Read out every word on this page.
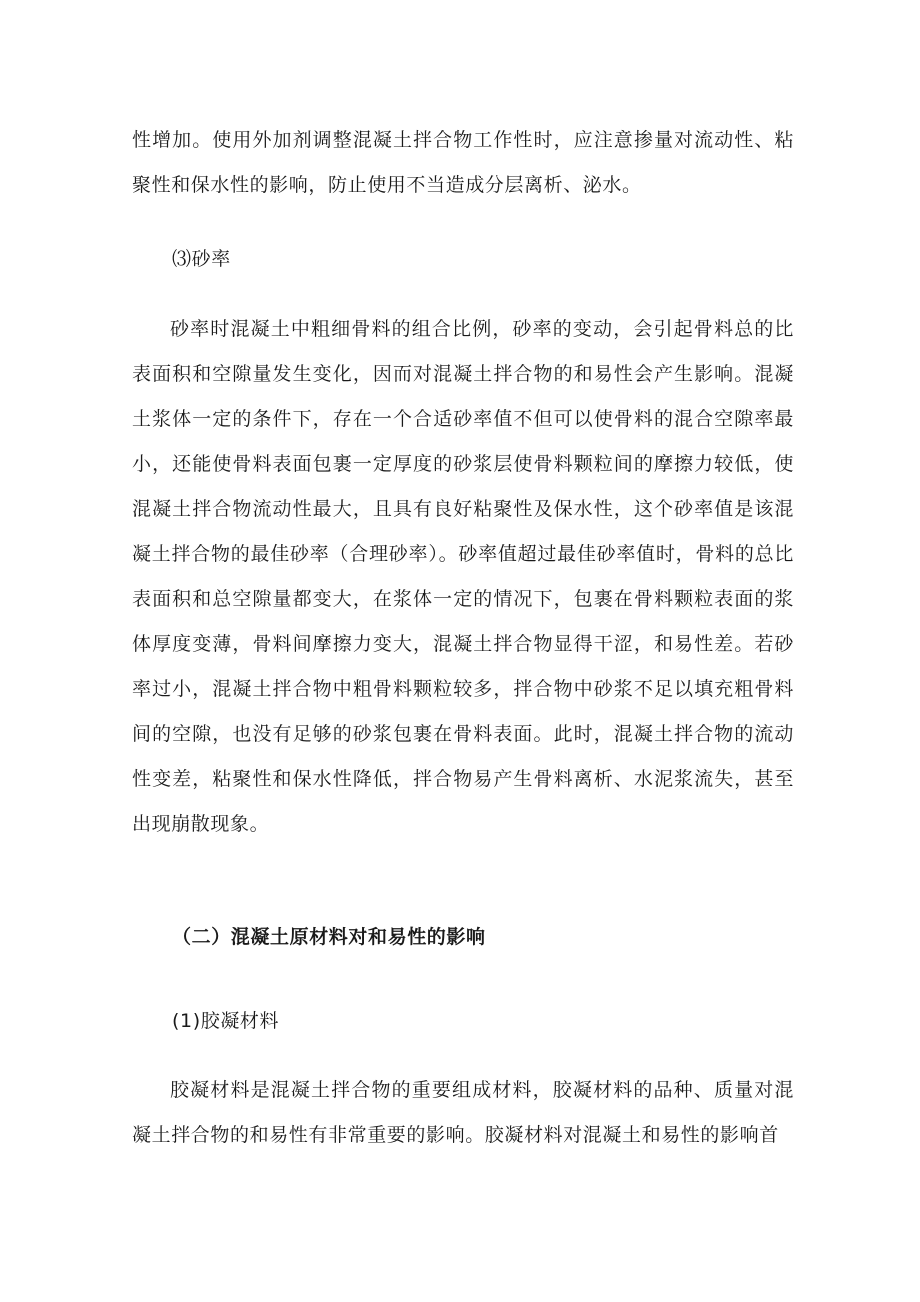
性增加。使用外加剂调整混凝土拌合物工作性时，应注意掺量对流动性、粘聚性和保水性的影响，防止使用不当造成分层离析、泌水。

⑶砂率

砂率时混凝土中粗细骨料的组合比例，砂率的变动，会引起骨料总的比表面积和空隙量发生变化，因而对混凝土拌合物的和易性会产生影响。混凝土浆体一定的条件下，存在一个合适砂率值不但可以使骨料的混合空隙率最小，还能使骨料表面包裹一定厚度的砂浆层使骨料颗粒间的摩擦力较低，使混凝土拌合物流动性最大，且具有良好粘聚性及保水性，这个砂率值是该混凝土拌合物的最佳砂率（合理砂率）。砂率值超过最佳砂率值时，骨料的总比表面积和总空隙量都变大，在浆体一定的情况下，包裹在骨料颗粒表面的浆体厚度变薄，骨料间摩擦力变大，混凝土拌合物显得干涩，和易性差。若砂率过小，混凝土拌合物中粗骨料颗粒较多，拌合物中砂浆不足以填充粗骨料间的空隙，也没有足够的砂浆包裹在骨料表面。此时，混凝土拌合物的流动性变差，粘聚性和保水性降低，拌合物易产生骨料离析、水泥浆流失，甚至出现崩散现象。

（二）混凝土原材料对和易性的影响

(1)胶凝材料

胶凝材料是混凝土拌合物的重要组成材料，胶凝材料的品种、质量对混凝土拌合物的和易性有非常重要的影响。胶凝材料对混凝土和易性的影响首
